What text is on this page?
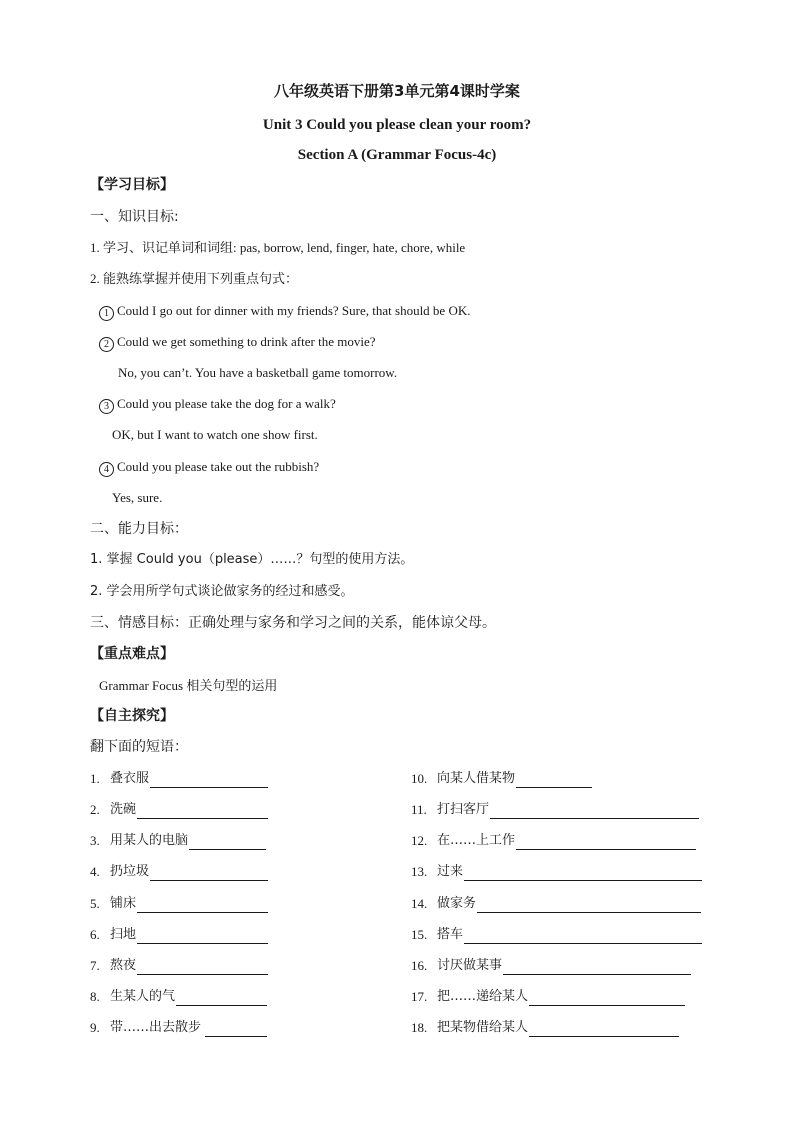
八年级英语下册第3单元第4课时学案
Unit 3 Could you please clean your room?
Section A (Grammar Focus-4c)
【学习目标】
一、知识目标:
1. 学习、识记单词和词组: pas, borrow, lend, finger, hate, chore, while
2. 能熟练掌握并使用下列重点句式：
1 Could I go out for dinner with my friends? Sure, that should be OK.
2 Could we get something to drink after the movie?
No, you can’t. You have a basketball game tomorrow.
3 Could you please take the dog for a walk?
OK, but I want to watch one show first.
4 Could you please take out the rubbish?
Yes, sure.
二、能力目标：
1. 掌握 Could you（please）……？句型的使用方法。
2. 学会用所学句式谈论做家务的经过和感受。
三、情感目标：正确处理与家务和学习之间的关系，能体谅父母。
【重点难点】
Grammar Focus 相关句型的运用
【自主探究】
翻下面的短语：
1. 叠衣服
2. 洗碗
3. 用某人的电脑
4. 扔垃圾
5. 铺床
6. 扫地
7. 熬夜
8. 生某人的气
9. 带……出去散步
10. 向某人借某物
11. 打扫客厅
12. 在……上工作
13. 过来
14. 做家务
15. 搭车
16. 讨厌做某事
17. 把……递给某人
18. 把某物借给某人
